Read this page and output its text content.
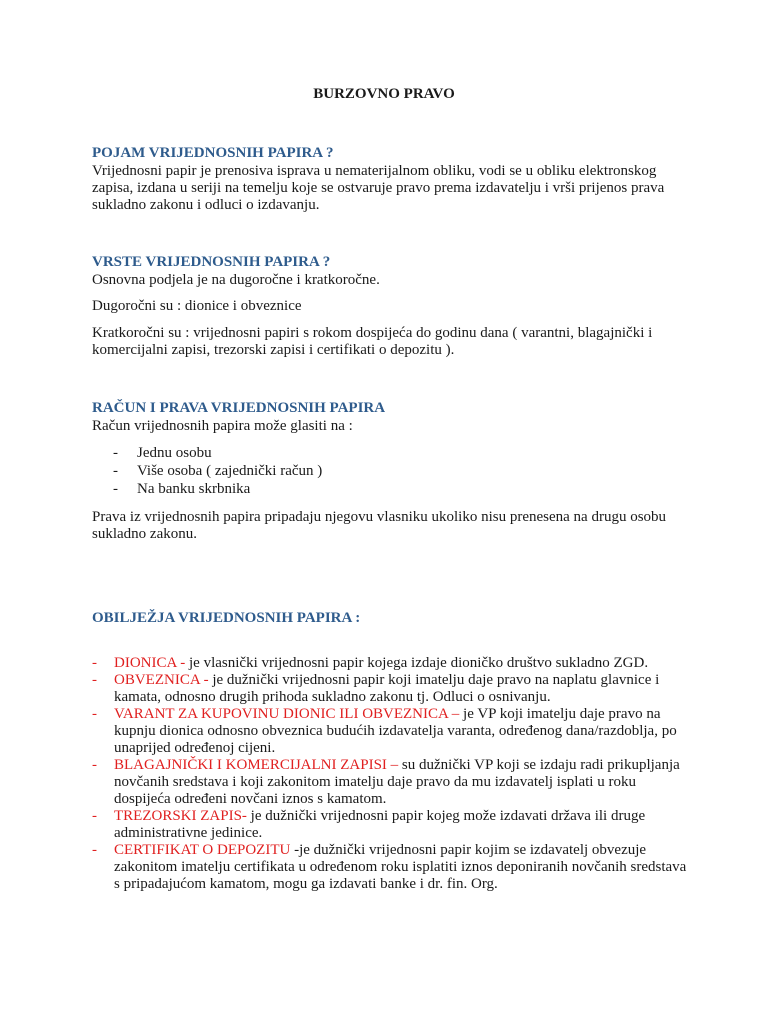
BURZOVNO PRAVO
POJAM VRIJEDNOSNIH PAPIRA ?
Vrijednosni papir je prenosiva isprava u nematerijalnom obliku, vodi se u obliku elektronskog zapisa, izdana u seriji na temelju koje se ostvaruje pravo prema izdavatelju i vrši prijenos prava sukladno zakonu i odluci o izdavanju.
VRSTE VRIJEDNOSNIH PAPIRA ?
Osnovna podjela je na dugoročne i kratkoročne.
Dugoročni su : dionice i obveznice
Kratkoročni su : vrijednosni papiri s rokom dospijeća do godinu dana ( varantni, blagajnički i komercijalni zapisi, trezorski zapisi i certifikati o depozitu ).
RAČUN I PRAVA VRIJEDNOSNIH PAPIRA
Račun vrijednosnih papira može glasiti na :
- Jednu osobu
- Više osoba ( zajednički račun )
- Na banku skrbnika
Prava iz vrijednosnih papira pripadaju njegovu vlasniku ukoliko nisu prenesena na drugu osobu sukladno zakonu.
OBILJEŽJA VRIJEDNOSNIH PAPIRA :
- DIONICA - je vlasnički vrijednosni papir kojega izdaje dioničko društvo sukladno ZGD.
- OBVEZNICA - je dužnički vrijednosni papir koji imatelju daje pravo na naplatu glavnice i kamata, odnosno drugih prihoda sukladno zakonu tj. Odluci o osnivanju.
- VARANT ZA KUPOVINU DIONIC ILI OBVEZNICA – je VP koji imatelju daje pravo na kupnju dionica odnosno obveznica budućih izdavatelja varanta, određenog dana/razdoblja, po unaprijed određenoj cijeni.
- BLAGAJNIČKI I KOMERCIJALNI ZAPISI – su dužnički VP koji se izdaju radi prikupljanja novčanih sredstava i koji zakonitom imatelju daje pravo da mu izdavatelj isplati u roku dospijeća određeni novčani iznos s kamatom.
- TREZORSKI ZAPIS- je dužnički vrijednosni papir kojeg može izdavati država ili druge administrativne jedinice.
- CERTIFIKAT O DEPOZITU -je dužnički vrijednosni papir kojim se izdavatelj obvezuje zakonitom imatelju certifikata u određenom roku isplatiti iznos deponiranih novčanih sredstava s pripadajućom kamatom, mogu ga izdavati banke i dr. fin. Org.
